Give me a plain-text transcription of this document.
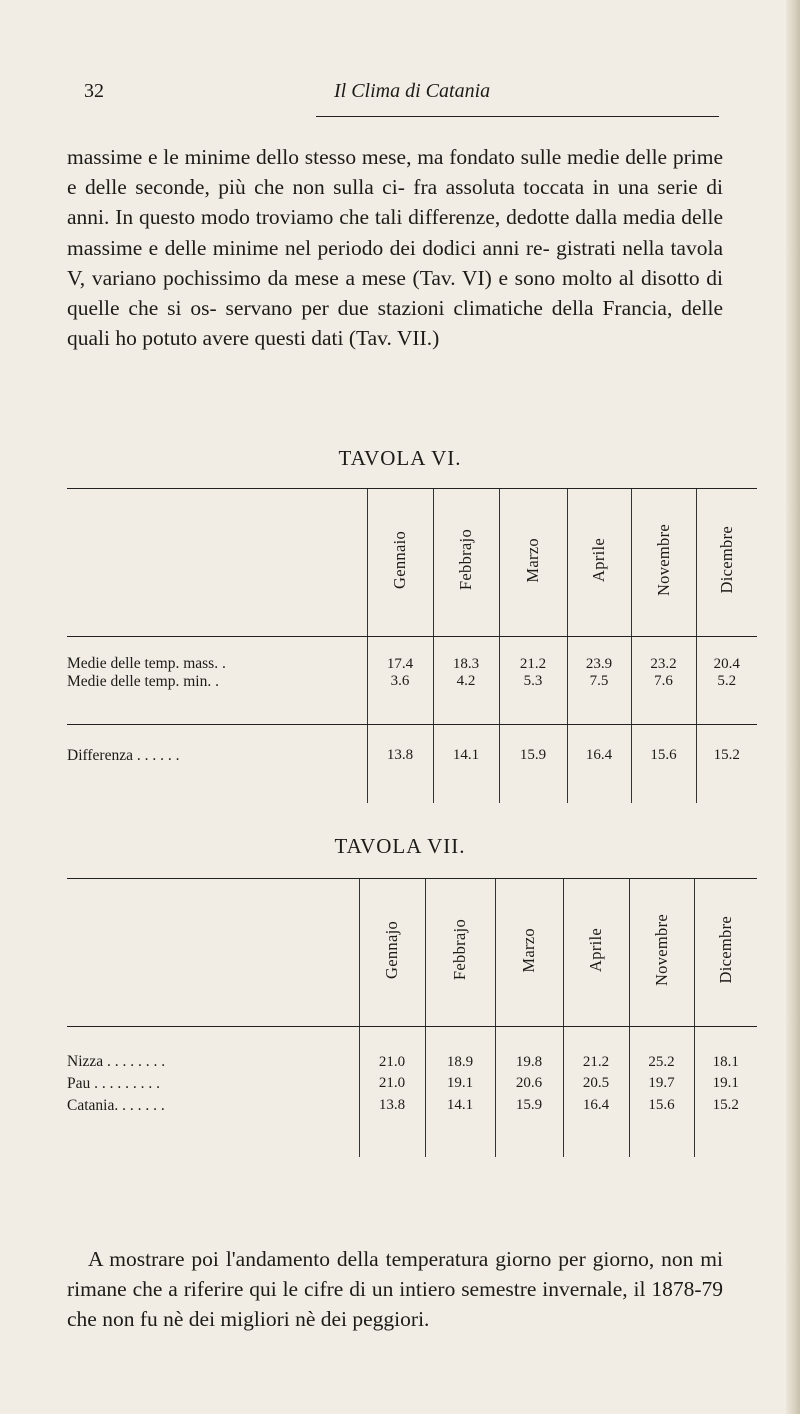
32	Il Clima di Catania
massime e le minime dello stesso mese, ma fondato sulle medie delle prime e delle seconde, più che non sulla ci- fra assoluta toccata in una serie di anni. In questo modo troviamo che tali differenze, dedotte dalla media delle massime e delle minime nel periodo dei dodici anni re- gistrati nella tavola V, variano pochissimo da mese a mese (Tav. VI) e sono molto al disotto di quelle che si os- servano per due stazioni climatiche della Francia, delle quali ho potuto avere questi dati (Tav. VII.)
TAVOLA VI.
	Gennaio	Febbrajo	Marzo	Aprile	Novembre	Dicembre
Medie delle temp. mass. .	17.4	18.3	21.2	23.9	23.2	20.4
Medie delle temp. min. .	3.6	4.2	5.3	7.5	7.6	5.2
Differenza . . . . . .	13.8	14.1	15.9	16.4	15.6	15.2
TAVOLA VII.
	Gennajo	Febbrajo	Marzo	Aprile	Novembre	Dicembre
Nizza . . . . . . . .	21.0	18.9	19.8	21.2	25.2	18.1
Pau . . . . . . . . .	21.0	19.1	20.6	20.5	19.7	19.1
Catania. . . . . . .	13.8	14.1	15.9	16.4	15.6	15.2
A mostrare poi l'andamento della temperatura giorno per giorno, non mi rimane che a riferire qui le cifre di un intiero semestre invernale, il 1878-79 che non fu nè dei migliori nè dei peggiori.
